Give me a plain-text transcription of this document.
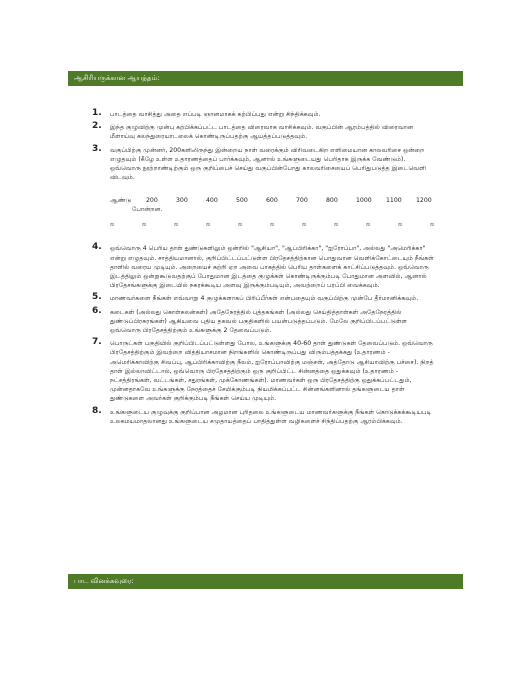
ஆசிரியருக்கான ஆயத்தம்:
1. பாடத்தை வாசித்து அதை எப்படி ஞானமாகக் கற்பிப்பது என்று சிந்திக்கவும்.
2. இந்த குழுவிற்கு முன்பு கற்பிக்கப்பட்ட பாடத்தை விரைவாக வாசிக்கவும். வகுப்பின் ஆரம்பத்தில் விரைவான மீளாய்வு கலந்துரையாடலைக் கொண்டிருப்பதற்கு ஆயத்தப்படுத்தவும்.
3. வகுப்பிற்கு முன்னர், 200களிலிருந்து இன்றைய நாள் வரைக்கும் விரிவடைகிற எளிமையான காலவரிசை ஒன்றை எழுதவும் (கீழே உள்ள உதாரணத்தைப் பார்க்கவும், ஆனால் உங்களுடையது பெரிதாக இருக்க வேண்டும்). ஒவ்வொரு நூற்றாண்டிற்கும் ஒரு குறிப்பைச் செய்து வகுப்பின்போது காலவரிசையைப் பெரிதுபடுத்த இடைவெளி விடவும்.
ஆண்டு
போன்றன.
200	300	400	500	600	700	800	1000 1100 1200
ஐ	ஐ	ஐ	ஐ	ஐ	ஐ	ஐ	ஐ	ஐ	ஐ	ஐ
4. ஒவ்வொரு 4 பெரிய தாள் துண்டுகளிலும் ஒன்றில் "ஆசியா", "ஆப்பிரிக்கா", "ஐரோப்பா", அல்லது "அமெரிக்கா" என்று எழுதவும். சாத்தியமானால், குறிப்பிட்டப்பட்டுள்ள பிரதேசத்திற்கான பொதுவான வெளிக்கோட்டையும் நீங்கள் தாளில் வரைய முடியும். அறையைச் சுற்றி ஏற அவை பாகத்தில் பெரிய தாள்களைக் காட்சிப்படுத்தவும். ஒவ்வொரு இடத்திலும் ஒன்றுகூடுவதற்குப் போதுமான இடத்தை குழுக்கள் கொண்டிருக்கும்படி போதுமான அளவில், ஆனால் பிரதேசங்களுக்கு இடையில் நகரக்கூடிய அளவு இருக்கும்படியும், அவற்றைப் பரப்பி வைக்கவும்.
5. மாணவர்களை நீங்கள் எவ்வாறு 4 குழுக்களாகப் பிரிப்பீர்கள் என்பதையும் வகுப்பிற்கு முன்பே தீர்மானிக்கவும்.
6. கடைகள் (அல்லது கொள்கலன்கள்) அதேநேரத்தில் புத்தகங்கள் (அல்லது செய்தித்தாள்கள் அதேநேரத்தில் துண்டுப்பிரசுரங்கள்) ஆகியவை புதிய தகவல் பகுதிகளில் பயன்படுத்தப்படும். மேலே குறிப்பிடப்பட்டுள்ள ஒவ்வொரு பிரதேசத்திற்கும் உங்களுக்கு 2 தேவைப்படும்.
7. பொருட்கள் பகுதியில் குறிப்பிடப்பட்டுள்ளது போல, உங்களுக்கு 40-60 தாள் துண்டுகள் தேவைப்படும். ஒவ்வொரு பிரதேசத்திற்கும் இவற்றை வித்தியாசமான நிறங்களில் கொண்டிருப்பது விரும்பத்தக்கது (உதாரணம் - அமெரிக்காவிற்கு சிவப்பு, ஆப்பிரிக்காவிற்கு நீலம், ஐரோப்பாவிற்கு மஞ்சள், அத்தோடு ஆசியாவிற்கு பச்சை). நிறத் தாள் இல்லாவிட்டால், ஒவ்வொரு பிரதேசத்திற்கும் ஒரு குறிப்பிட்ட சின்னத்தை ஒதுக்கவும் (உதாரணம் - நட்சத்திரங்கள், வட்டங்கள், சதுரங்கள், முக்கோணங்கள்). மாணவர்கள் ஒரு பிரதேசத்திற்கு ஒதுக்கப்பட்டதும், முன்னதாகவே உங்களுக்கு நேரத்தைச் சேமிக்கும்படி நியமிக்கப்பட்ட சின்னங்களினால் தங்களுடைய தாள் துண்டுகளை அவர்கள் குறிக்கும்படி நீங்கள் செய்ய முடியும்.
8. உங்களுடைய குழுவுக்கு குறிப்பான அழமான புரிதலை உங்களுடைய மாணவர்களுக்கு நீங்கள் கொடுக்கக்கூடியபடி உலகமயமாதலானது உங்களுடைய சமுதாயத்தைப் பாதித்துள்ள வழிகளைச் சிந்திப்பதற்கு ஆரம்பிக்கவும்.
பாட வினக்கவுரை:
